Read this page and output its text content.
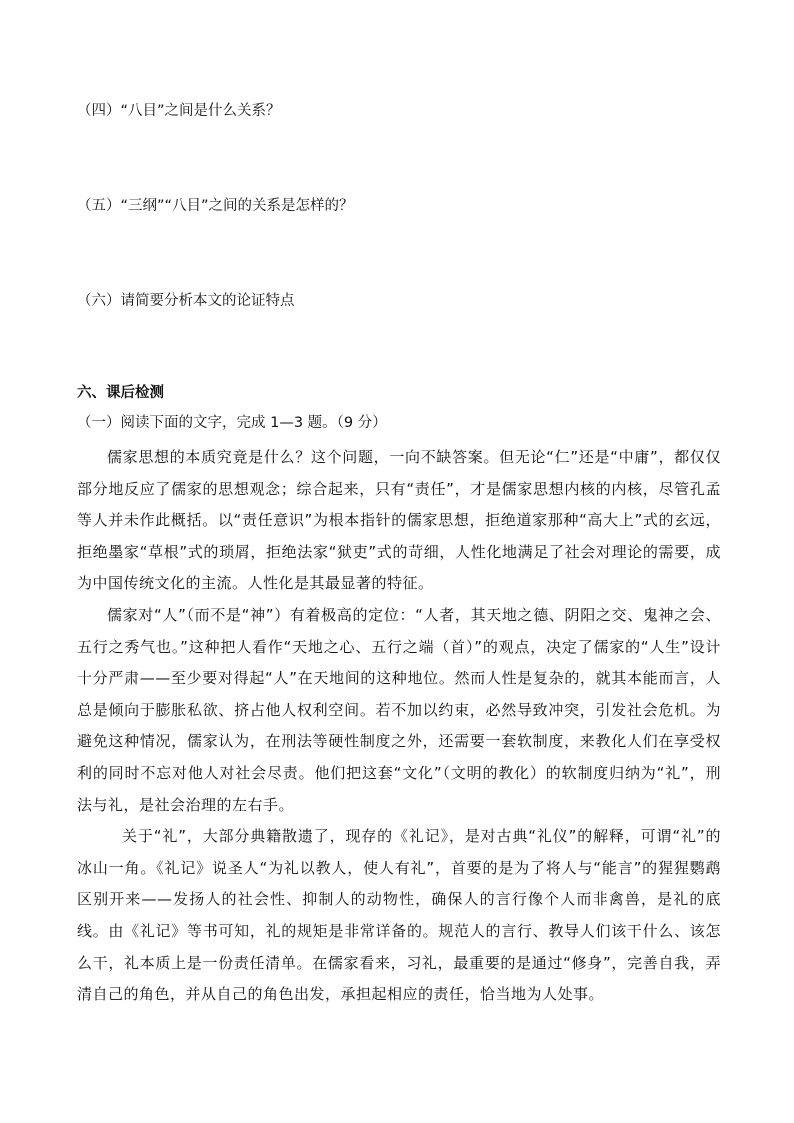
（四）“八目”之间是什么关系？
（五）“三纲”“八目”之间的关系是怎样的？
（六）请简要分析本文的论证特点
六、课后检测
（一）阅读下面的文字，完成 1—3 题。（9 分）

儒家思想的本质究竟是什么？这个问题，一向不缺答案。但无论“仁”还是“中庸”，都仅仅部分地反应了儒家的思想观念；综合起来，只有“责任”，才是儒家思想内核的内核，尽管孔孟等人并未作此概括。以“责任意识”为根本指针的儒家思想，拒绝道家那种“高大上”式的玄远，拒绝墨家“草根”式的琐屑，拒绝法家“狱吏”式的苛细，人性化地满足了社会对理论的需要，成为中国传统文化的主流。人性化是其最显著的特征。

儒家对“人”（而不是“神”）有着极高的定位：“人者，其天地之德、阴阳之交、鬼神之会、五行之秀气也。”这种把人看作“天地之心、五行之端（首）”的观点，决定了儒家的“人生”设计十分严肃——至少要对得起“人”在天地间的这种地位。然而人性是复杂的，就其本能而言，人总是倾向于膨胀私欲、挤占他人权利空间。若不加以约束，必然导致冲突，引发社会危机。为避免这种情况，儒家认为，在刑法等硬性制度之外，还需要一套软制度，来教化人们在享受权利的同时不忘对他人对社会尽责。他们把这套“文化”（文明的教化）的软制度归纳为“礼”，刑法与礼，是社会治理的左右手。

关于“礼”，大部分典籍散遗了，现存的《礼记》，是对古典“礼仪”的解释，可谓“礼”的冰山一角。《礼记》说圣人“为礼以教人，使人有礼”，首要的是为了将人与“能言”的猩猩鹦鹉区别开来——发扬人的社会性、抑制人的动物性，确保人的言行像个人而非禽兽，是礼的底线。由《礼记》等书可知，礼的规矩是非常详备的。规范人的言行、教导人们该干什么、该怎么干，礼本质上是一份责任清单。在儒家看来，习礼，最重要的是通过“修身”，完善自我，弄清自己的角色，并从自己的角色出发，承担起相应的责任，恰当地为人处事。
